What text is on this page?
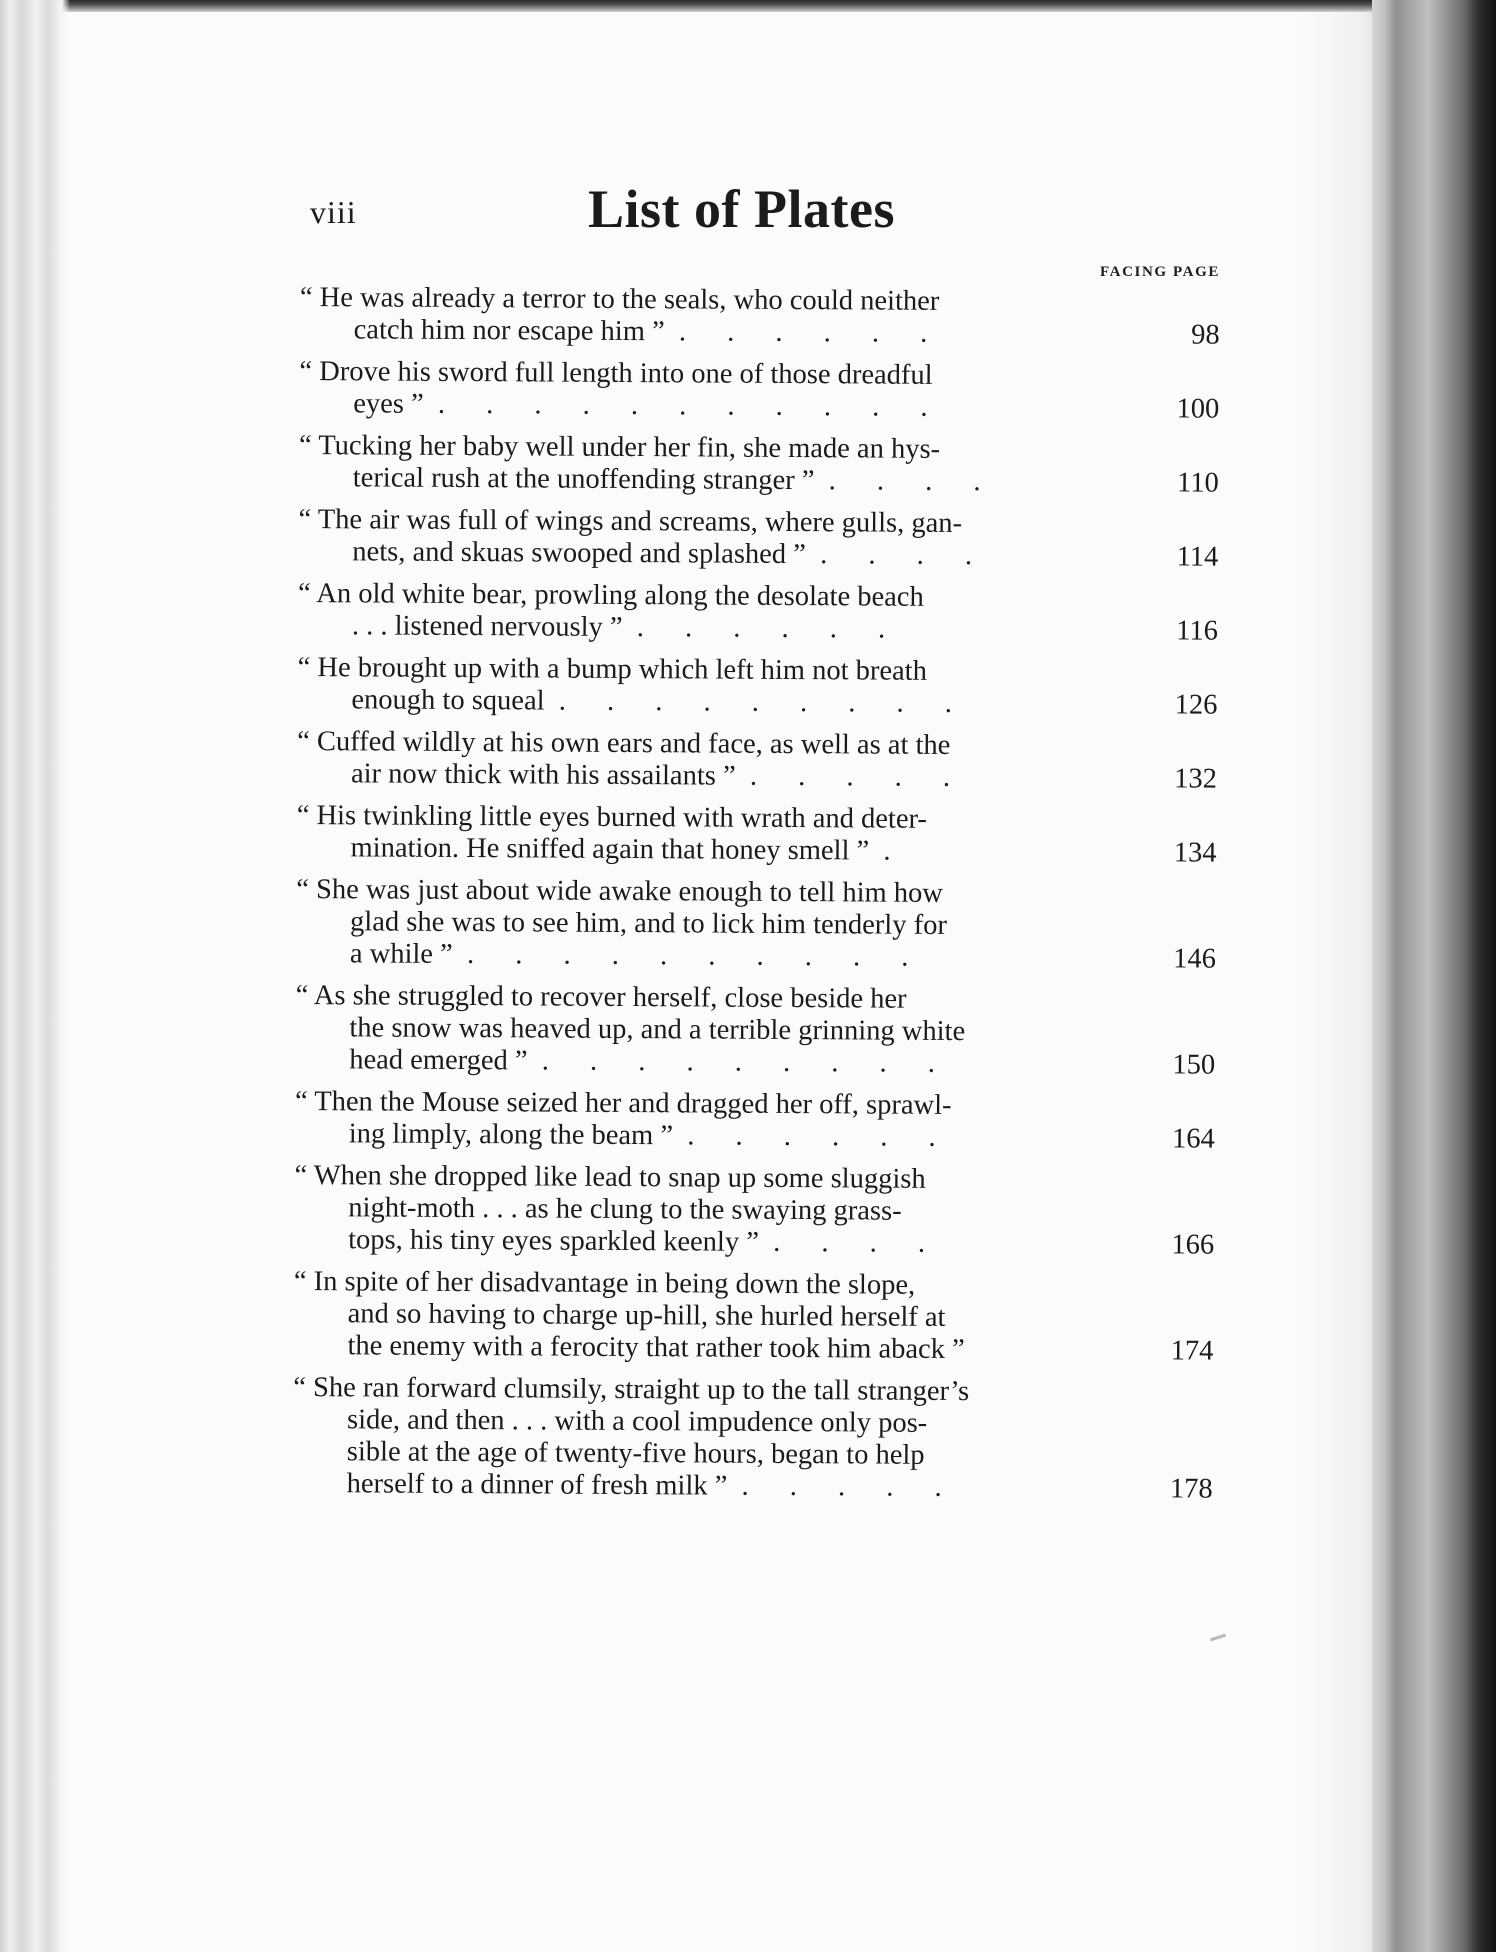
viii	List of Plates
FACING PAGE
“ He was already a terror to the seals, who could neither
catch him nor escape him ” . . . . . .	98
“ Drove his sword full length into one of those dreadful
eyes ” . . . . . . . . . . .	100
“ Tucking her baby well under her fin, she made an hys-
terical rush at the unoffending stranger ” . . . .	110
“ The air was full of wings and screams, where gulls, gan-
nets, and skuas swooped and splashed ” . . . .	114
“ An old white bear, prowling along the desolate beach
. . . listened nervously ” . . . . . .	116
“ He brought up with a bump which left him not breath
enough to squeal . . . . . . . . .	126
“ Cuffed wildly at his own ears and face, as well as at the
air now thick with his assailants ” . . . . .	132
“ His twinkling little eyes burned with wrath and deter-
mination. He sniffed again that honey smell ” .	134
“ She was just about wide awake enough to tell him how
glad she was to see him, and to lick him tenderly for
a while ” . . . . . . . . . .	146
“ As she struggled to recover herself, close beside her
the snow was heaved up, and a terrible grinning white
head emerged ” . . . . . . . . .	150
“ Then the Mouse seized her and dragged her off, sprawl-
ing limply, along the beam ” . . . . . .	164
“ When she dropped like lead to snap up some sluggish
night-moth . . . as he clung to the swaying grass-
tops, his tiny eyes sparkled keenly ” . . . .	166
“ In spite of her disadvantage in being down the slope,
and so having to charge up-hill, she hurled herself at
the enemy with a ferocity that rather took him aback ”	174
“ She ran forward clumsily, straight up to the tall stranger’s
side, and then . . . with a cool impudence only pos-
sible at the age of twenty-five hours, began to help
herself to a dinner of fresh milk ” . . . . .	178
